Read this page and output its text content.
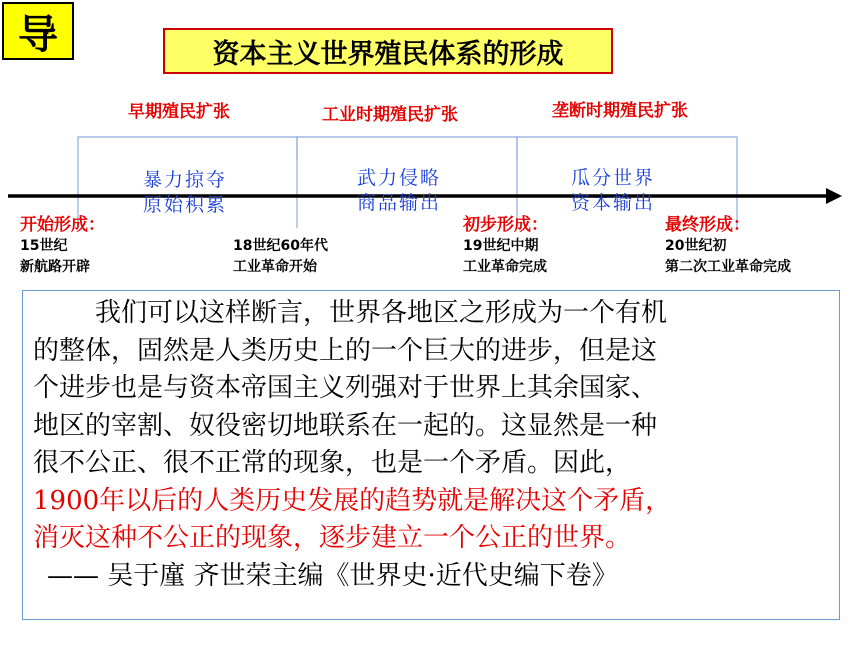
导	资本主义世界殖民体系的形成
早期殖民扩张	工业时期殖民扩张	垄断时期殖民扩张
暴力掠夺
原始积累
武力侵略
商品输出
瓜分世界
资本输出
开始形成：
15世纪
新航路开辟
18世纪60年代
工业革命开始
初步形成：
19世纪中期
工业革命完成
最终形成：
20世纪初
第二次工业革命完成
我们可以这样断言，世界各地区之形成为一个有机
的整体，固然是人类历史上的一个巨大的进步，但是这
个进步也是与资本帝国主义列强对于世界上其余国家、
地区的宰割、奴役密切地联系在一起的。这显然是一种
很不公正、很不正常的现象，也是一个矛盾。因此，
1900年以后的人类历史发展的趋势就是解决这个矛盾，
消灭这种不公正的现象，逐步建立一个公正的世界。
—— 吴于廑 齐世荣主编《世界史·近代史编下卷》
